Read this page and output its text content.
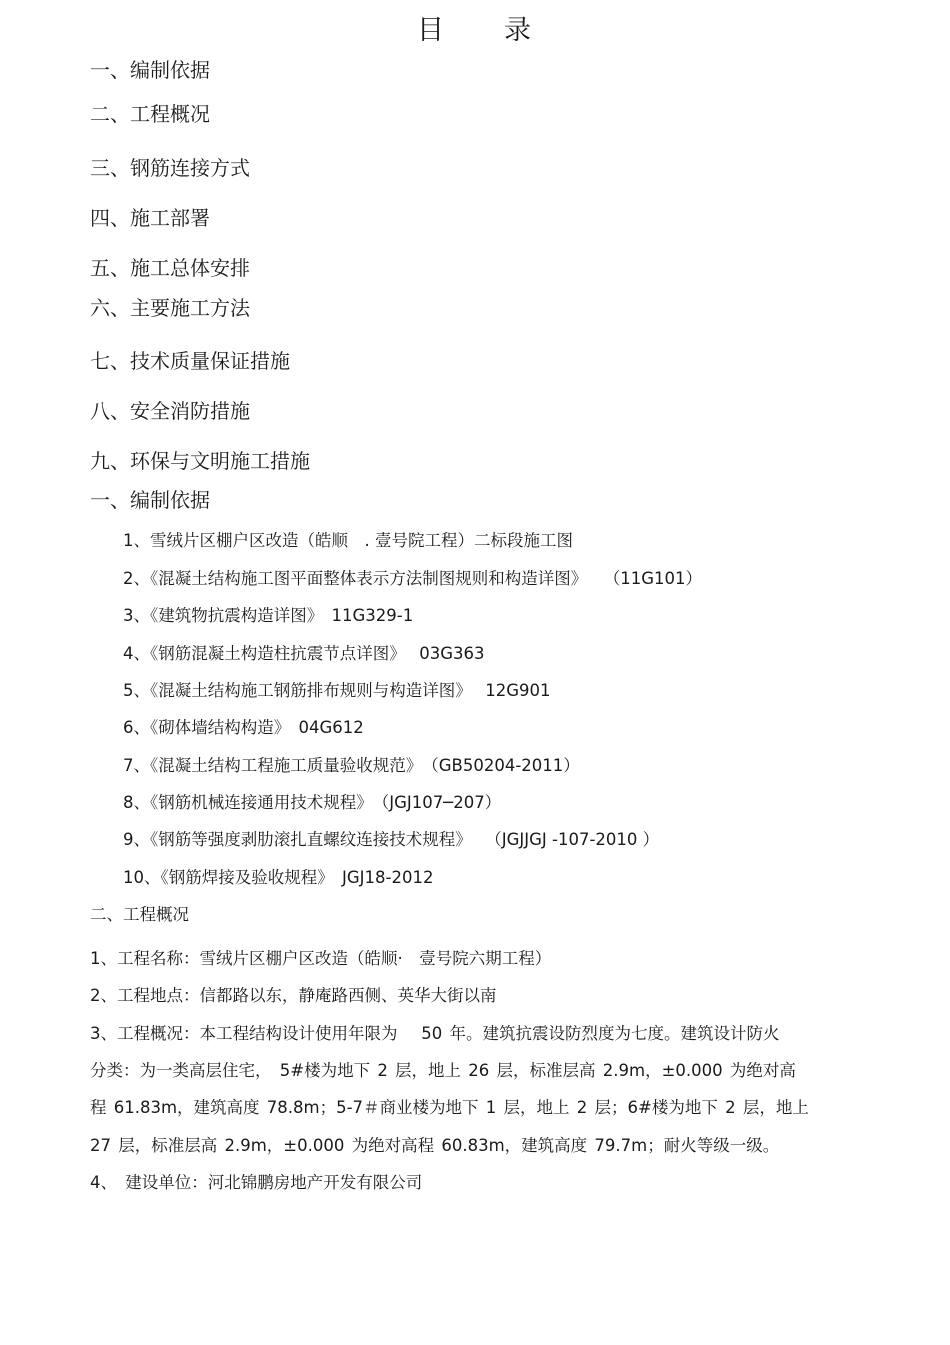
目 录

一、编制依据

二、工程概况

三、钢筋连接方式

四、施工部署

五、施工总体安排

六、主要施工方法

七、技术质量保证措施

八、安全消防措施

九、环保与文明施工措施

一、编制依据

1、雪绒片区棚户区改造（皓顺　. 壹号院工程）二标段施工图

2、《混凝土结构施工图平面整体表示方法制图规则和构造详图》　　（11G101）

3、《建筑物抗震构造详图》　11G329-1

4、《钢筋混凝土构造柱抗震节点详图》　 03G363

5、《混凝土结构施工钢筋排布规则与构造详图》　 12G901

6、《砌体墙结构构造》　04G612

7、《混凝土结构工程施工质量验收规范》　（GB50204-2011）

8、《钢筋机械连接通用技术规程》　（JGJ107─207）

9、《钢筋等强度剥肋滚扎直螺纹连接技术规程》　 （JGJJGJ -107-2010 ）

10、《钢筋焊接及验收规程》　JGJ18-2012

二、工程概况

1、工程名称：雪绒片区棚户区改造（皓顺·　壹号院六期工程）

2、工程地点：信都路以东，静庵路西侧、英华大街以南

3、工程概况：本工程结构设计使用年限为　 50 年。建筑抗震设防烈度为七度。建筑设计防火

分类：为一类高层住宅，　5#楼为地下 2 层，地上 26 层，标准层高 2.9m，±0.000 为绝对高

程 61.83m，建筑高度 78.8m；5-7＃商业楼为地下 1 层，地上 2 层；6#楼为地下 2 层，地上

27 层，标准层高 2.9m，±0.000 为绝对高程 60.83m，建筑高度 79.7m；耐火等级一级。

4、　建设单位：河北锦鹏房地产开发有限公司
